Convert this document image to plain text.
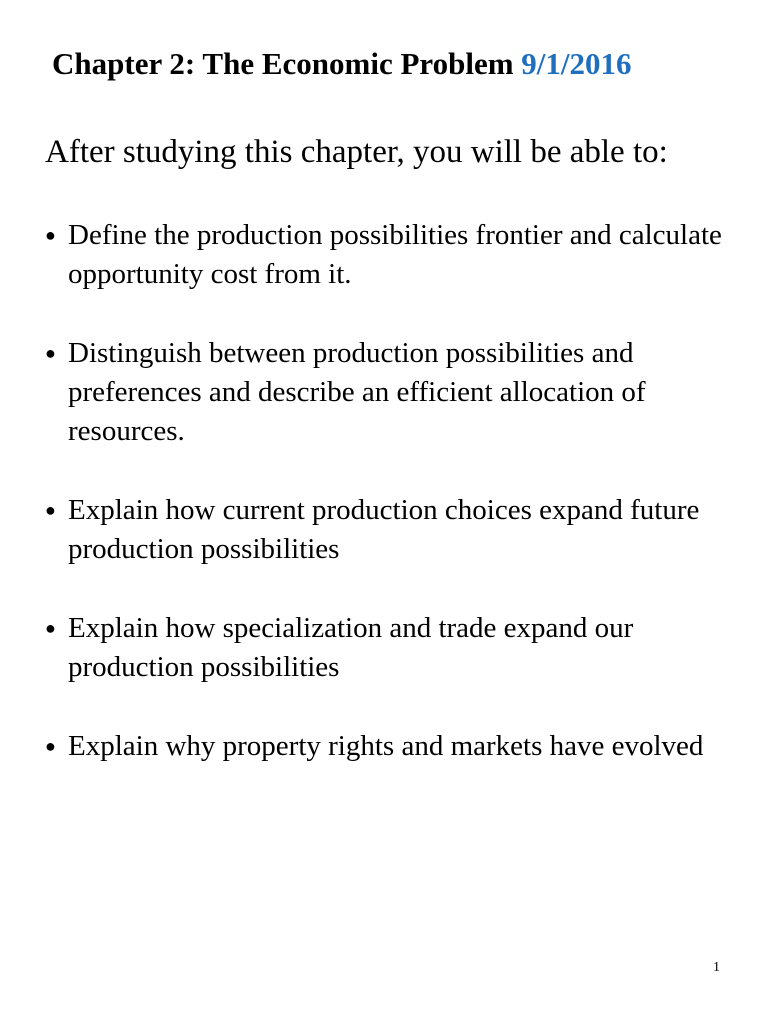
Chapter 2: The Economic Problem 9/1/2016
After studying this chapter, you will be able to:
● Define the production possibilities frontier and calculate opportunity cost from it.
● Distinguish between production possibilities and preferences and describe an efficient allocation of resources.
● Explain how current production choices expand future production possibilities
● Explain how specialization and trade expand our production possibilities
● Explain why property rights and markets have evolved
1
